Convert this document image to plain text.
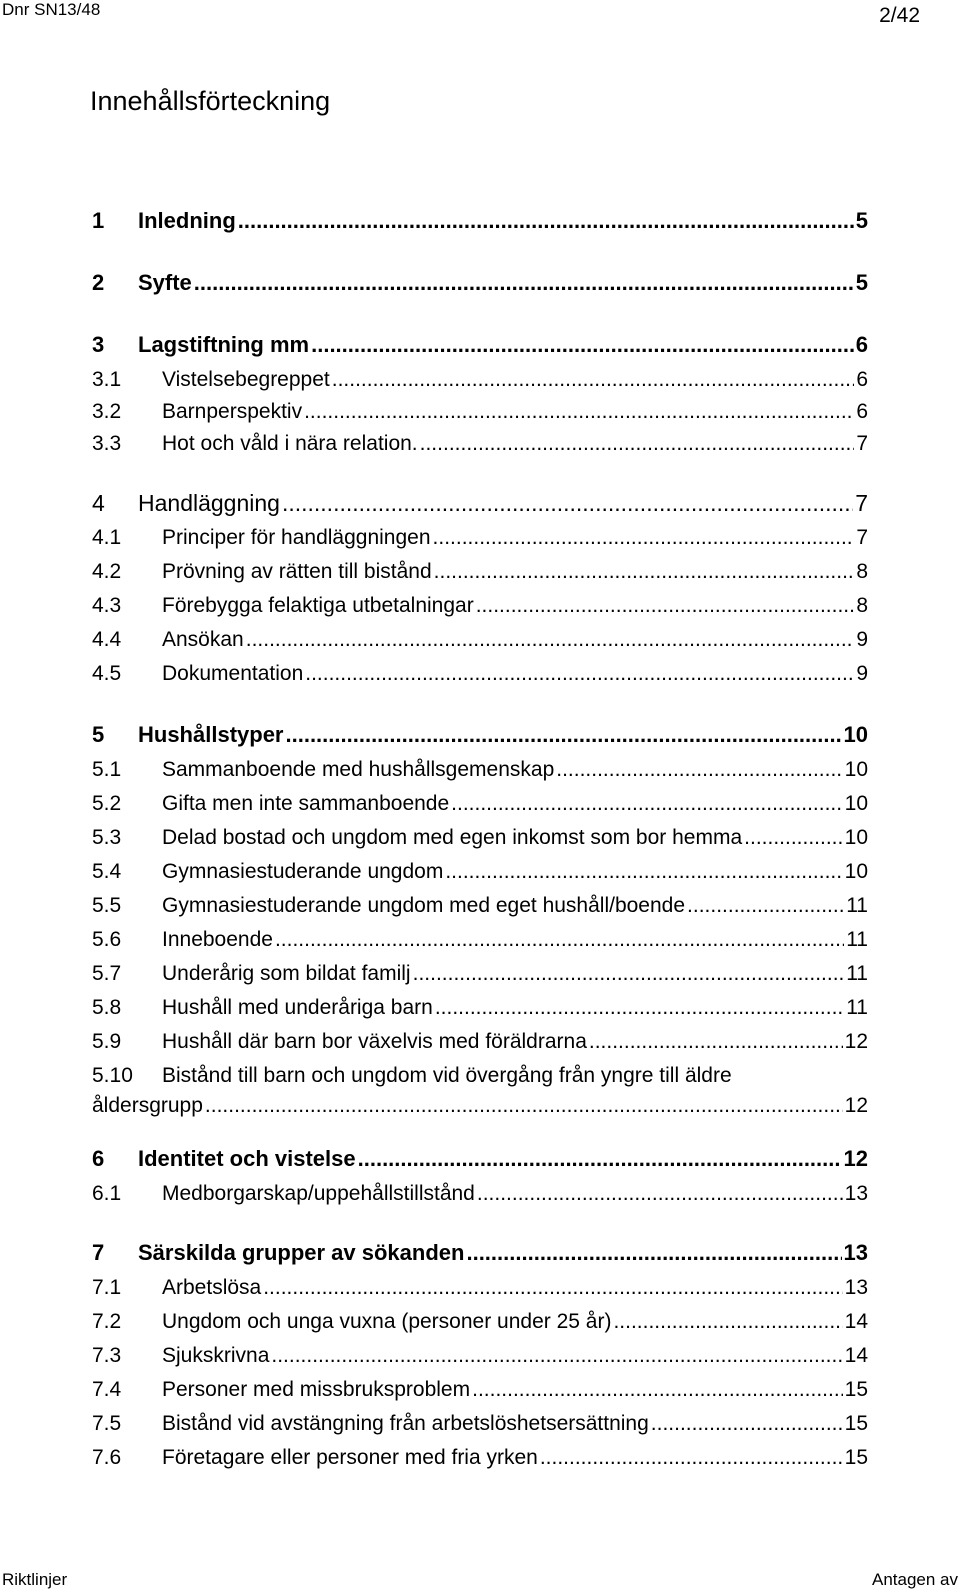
Dnr SN13/48	2/42
Innehållsförteckning
1	Inledning .....	5
2	Syfte .....	5
3	Lagstiftning mm .....	6
3.1	Vistelsebegreppet .....	6
3.2	Barnperspektiv .....	6
3.3	Hot och våld i nära relation. .....	7
4	Handläggning .....	7
4.1	Principer för handläggningen .....	7
4.2	Prövning av rätten till bistånd .....	8
4.3	Förebygga felaktiga utbetalningar .....	8
4.4	Ansökan .....	9
4.5	Dokumentation .....	9
5	Hushållstyper .....	10
5.1	Sammanboende med hushållsgemenskap .....	10
5.2	Gifta men inte sammanboende .....	10
5.3	Delad bostad och ungdom med egen inkomst som bor hemma .....	10
5.4	Gymnasiestuderande ungdom .....	10
5.5	Gymnasiestuderande ungdom med eget hushåll/boende .....	11
5.6	Inneboende .....	11
5.7	Underårig som bildat familj .....	11
5.8	Hushåll med underåriga barn .....	11
5.9	Hushåll där barn bor växelvis med föräldrarna .....	12
5.10	Bistånd till barn och ungdom vid övergång från yngre till äldre
åldersgrupp .....	12
6	Identitet och vistelse .....	12
6.1	Medborgarskap/uppehållstillstånd .....	13
7	Särskilda grupper av sökanden .....	13
7.1	Arbetslösa .....	13
7.2	Ungdom och unga vuxna (personer under 25 år) .....	14
7.3	Sjukskrivna .....	14
7.4	Personer med missbruksproblem .....	15
7.5	Bistånd vid avstängning från arbetslöshetsersättning .....	15
7.6	Företagare eller personer med fria yrken .....	15
Riktlinjer	Antagen av
